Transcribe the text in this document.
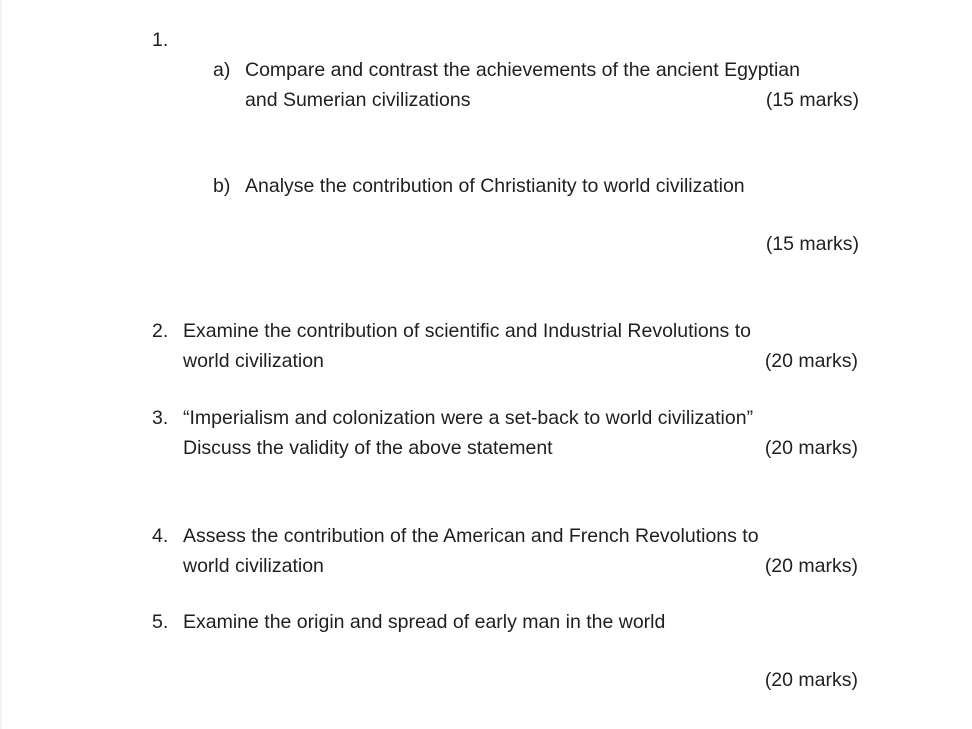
1.
a) Compare and contrast the achievements of the ancient Egyptian
and Sumerian civilizations	(15 marks)
b) Analyse the contribution of Christianity to world civilization
(15 marks)
2. Examine the contribution of scientific and Industrial Revolutions to
world civilization	(20 marks)
3. “Imperialism and colonization were a set-back to world civilization”
Discuss the validity of the above statement	(20 marks)
4. Assess the contribution of the American and French Revolutions to
world civilization	(20 marks)
5. Examine the origin and spread of early man in the world
(20 marks)
